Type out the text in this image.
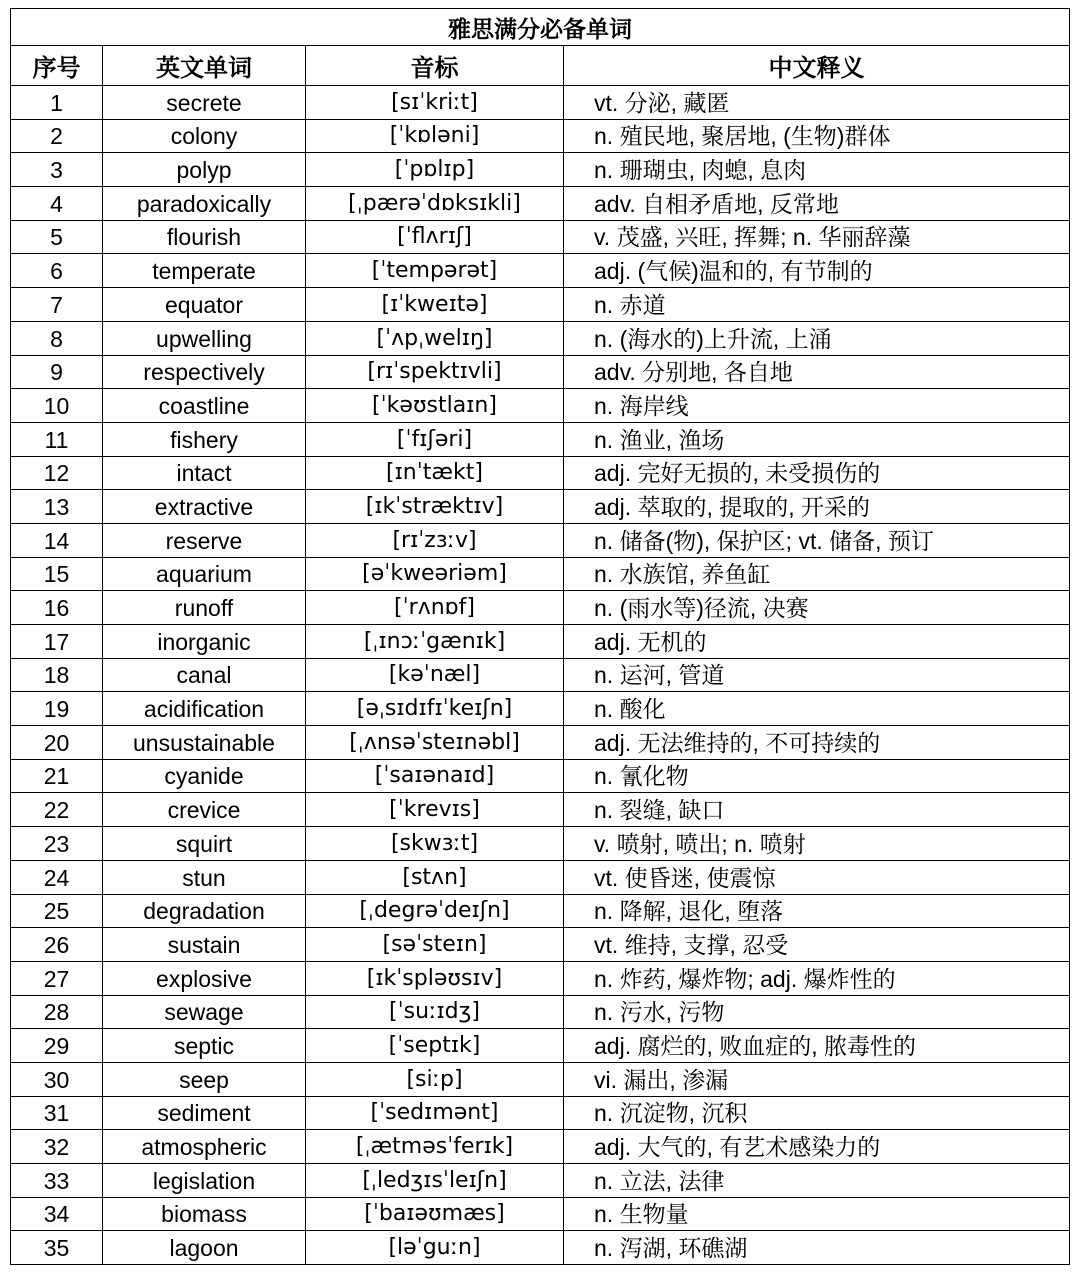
雅思满分必备单词			
序号	英文单词	音标	中文释义
1	secrete	[sɪˈkriːt]	vt. 分泌, 藏匿
2	colony	[ˈkɒləni]	n. 殖民地, 聚居地, (生物)群体
3	polyp	[ˈpɒlɪp]	n. 珊瑚虫, 肉螅, 息肉
4	paradoxically	[ˌpærəˈdɒksɪkli]	adv. 自相矛盾地, 反常地
5	flourish	[ˈflʌrɪʃ]	v. 茂盛, 兴旺, 挥舞; n. 华丽辞藻
6	temperate	[ˈtempərət]	adj. (气候)温和的, 有节制的
7	equator	[ɪˈkweɪtə]	n. 赤道
8	upwelling	[ˈʌpˌwelɪŋ]	n. (海水的)上升流, 上涌
9	respectively	[rɪˈspektɪvli]	adv. 分别地, 各自地
10	coastline	[ˈkəʊstlaɪn]	n. 海岸线
11	fishery	[ˈfɪʃəri]	n. 渔业, 渔场
12	intact	[ɪnˈtækt]	adj. 完好无损的, 未受损伤的
13	extractive	[ɪkˈstræktɪv]	adj. 萃取的, 提取的, 开采的
14	reserve	[rɪˈzɜːv]	n. 储备(物), 保护区; vt. 储备, 预订
15	aquarium	[əˈkweəriəm]	n. 水族馆, 养鱼缸
16	runoff	[ˈrʌnɒf]	n. (雨水等)径流, 决赛
17	inorganic	[ˌɪnɔːˈgænɪk]	adj. 无机的
18	canal	[kəˈnæl]	n. 运河, 管道
19	acidification	[əˌsɪdɪfɪˈkeɪʃn]	n. 酸化
20	unsustainable	[ˌʌnsəˈsteɪnəbl]	adj. 无法维持的, 不可持续的
21	cyanide	[ˈsaɪənaɪd]	n. 氰化物
22	crevice	[ˈkrevɪs]	n. 裂缝, 缺口
23	squirt	[skwɜːt]	v. 喷射, 喷出; n. 喷射
24	stun	[stʌn]	vt. 使昏迷, 使震惊
25	degradation	[ˌdegrəˈdeɪʃn]	n. 降解, 退化, 堕落
26	sustain	[səˈsteɪn]	vt. 维持, 支撑, 忍受
27	explosive	[ɪkˈspləʊsɪv]	n. 炸药, 爆炸物; adj. 爆炸性的
28	sewage	[ˈsuːɪdʒ]	n. 污水, 污物
29	septic	[ˈseptɪk]	adj. 腐烂的, 败血症的, 脓毒性的
30	seep	[siːp]	vi. 漏出, 渗漏
31	sediment	[ˈsedɪmənt]	n. 沉淀物, 沉积
32	atmospheric	[ˌætməsˈferɪk]	adj. 大气的, 有艺术感染力的
33	legislation	[ˌledʒɪsˈleɪʃn]	n. 立法, 法律
34	biomass	[ˈbaɪəʊmæs]	n. 生物量
35	lagoon	[ləˈguːn]	n. 泻湖, 环礁湖
